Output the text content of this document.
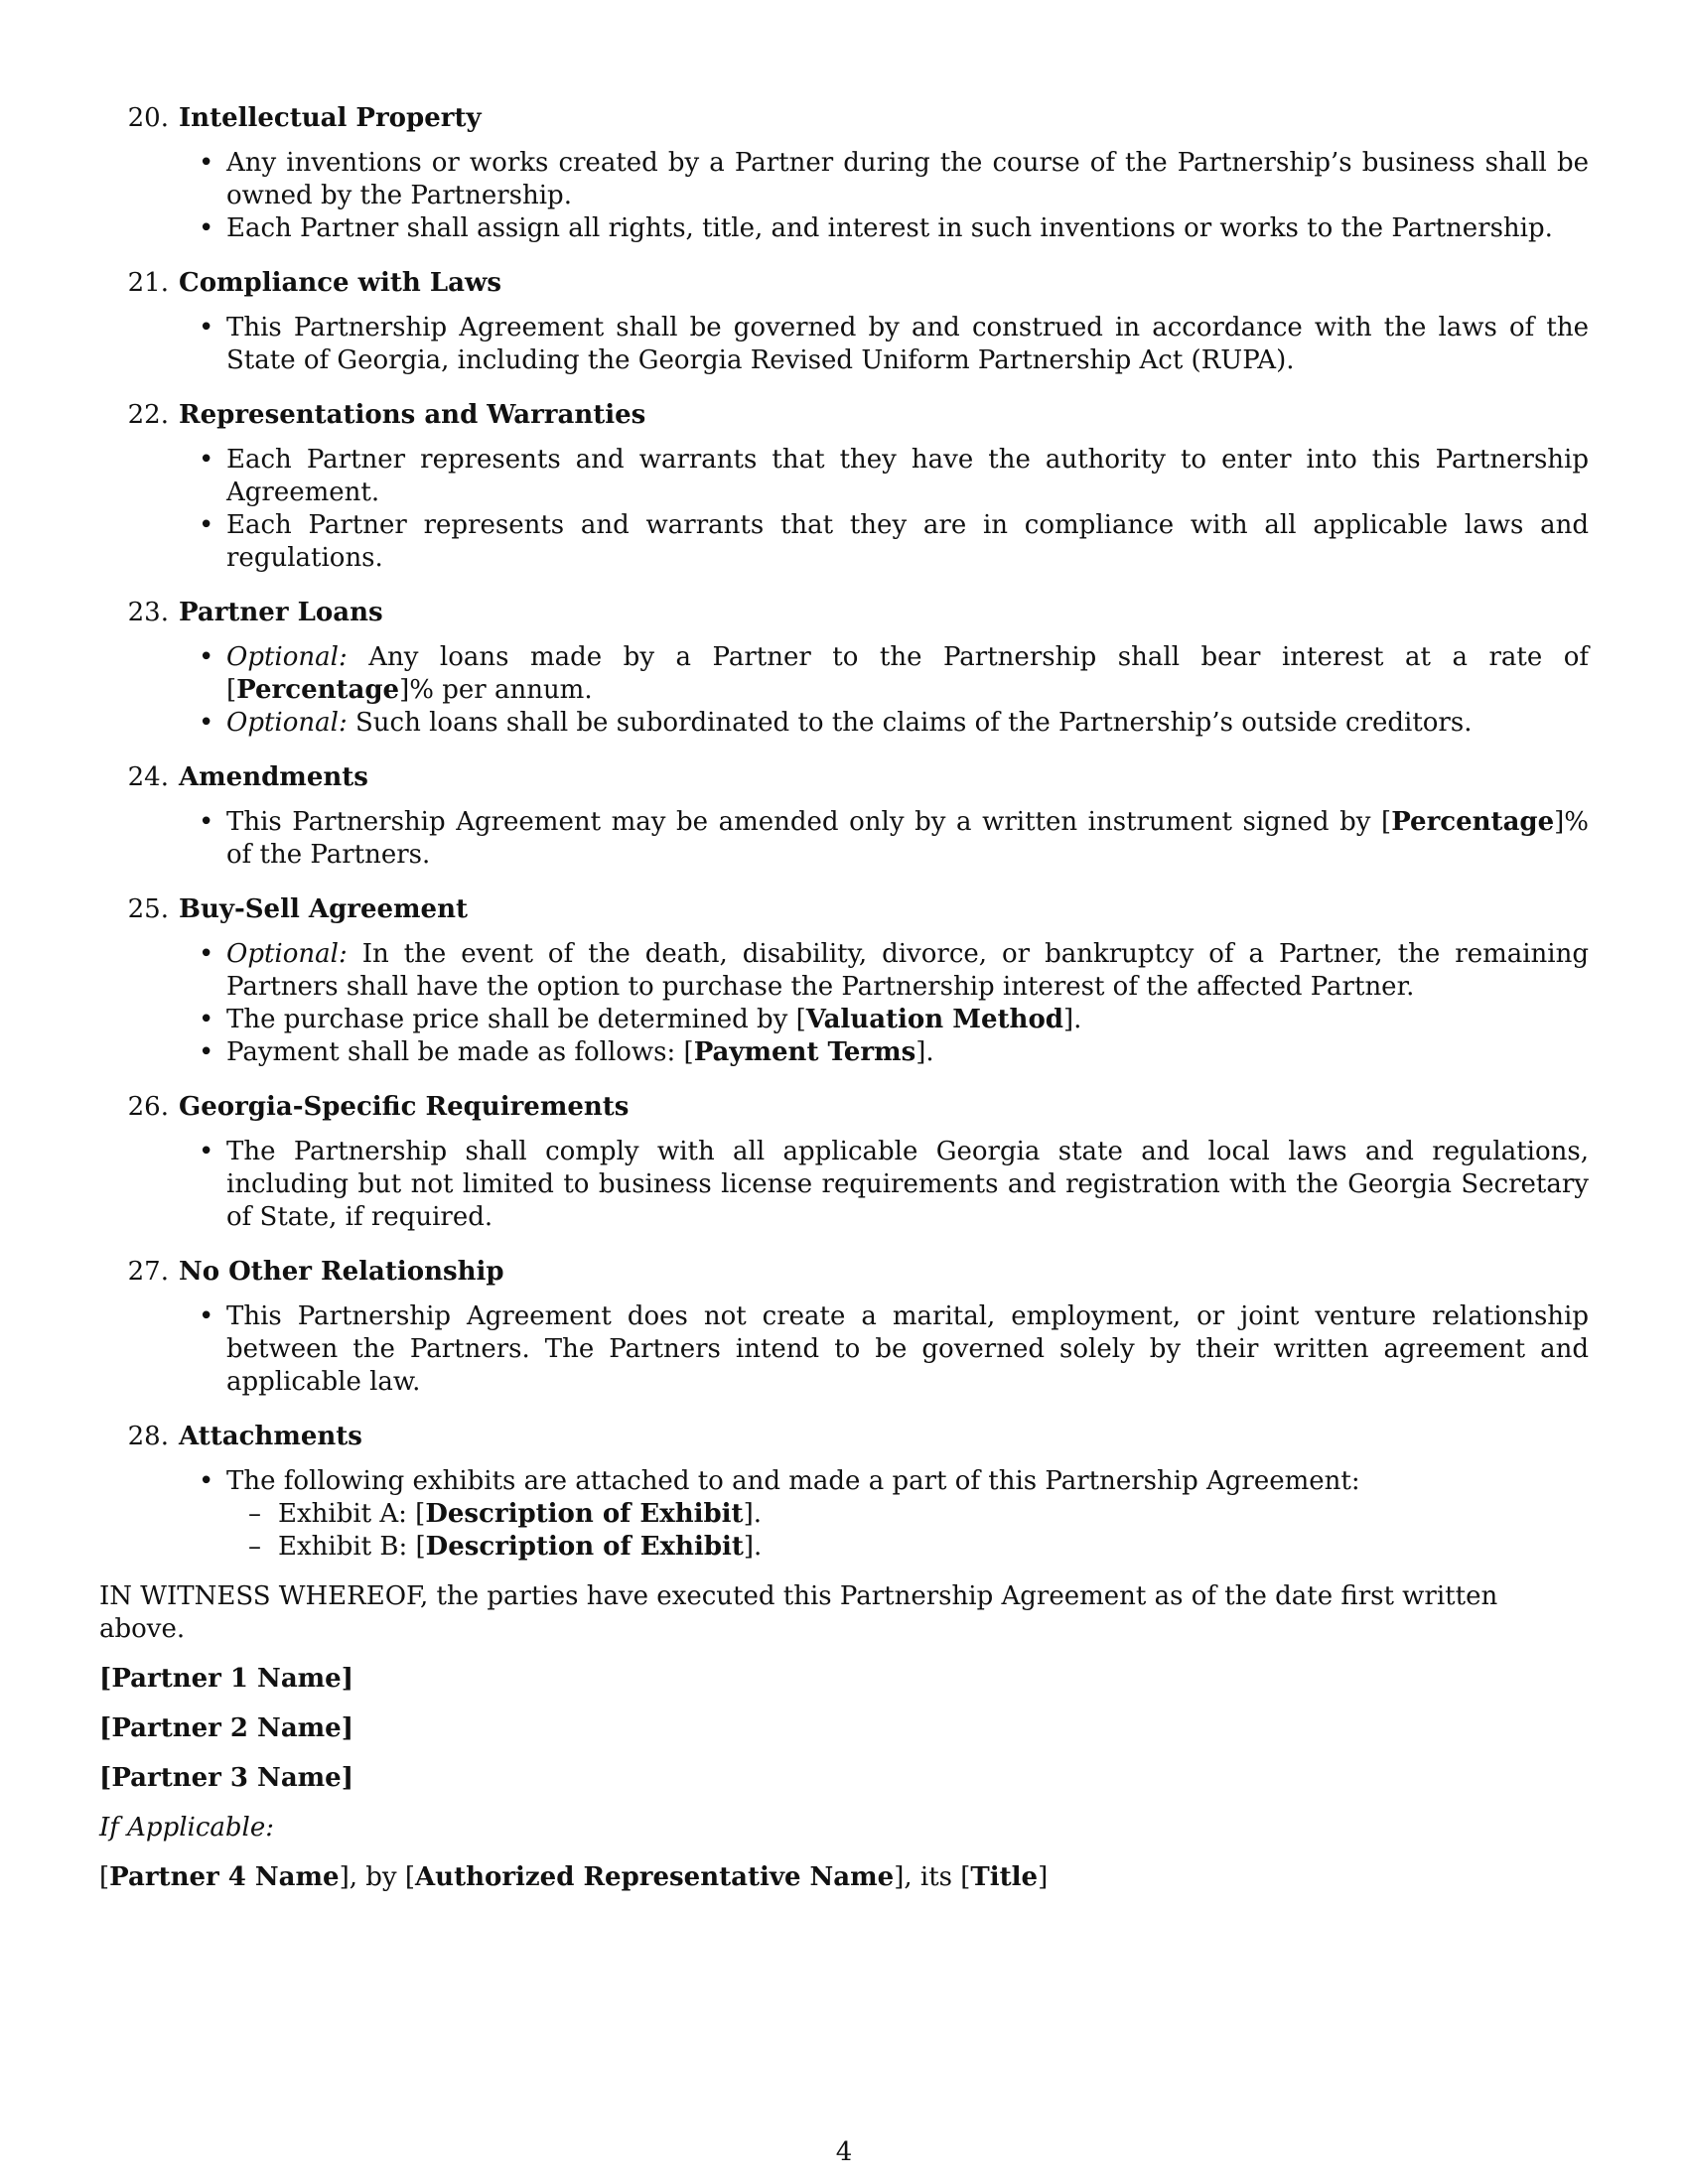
20. Intellectual Property
• Any inventions or works created by a Partner during the course of the Partnership’s business shall be owned by the Partnership.
• Each Partner shall assign all rights, title, and interest in such inventions or works to the Partnership.
21. Compliance with Laws
• This Partnership Agreement shall be governed by and construed in accordance with the laws of the State of Georgia, including the Georgia Revised Uniform Partnership Act (RUPA).
22. Representations and Warranties
• Each Partner represents and warrants that they have the authority to enter into this Partnership Agreement.
• Each Partner represents and warrants that they are in compliance with all applicable laws and regulations.
23. Partner Loans
• Optional: Any loans made by a Partner to the Partnership shall bear interest at a rate of [Percentage]% per annum.
• Optional: Such loans shall be subordinated to the claims of the Partnership’s outside creditors.
24. Amendments
• This Partnership Agreement may be amended only by a written instrument signed by [Percentage]% of the Partners.
25. Buy-Sell Agreement
• Optional: In the event of the death, disability, divorce, or bankruptcy of a Partner, the remaining Partners shall have the option to purchase the Partnership interest of the affected Partner.
• The purchase price shall be determined by [Valuation Method].
• Payment shall be made as follows: [Payment Terms].
26. Georgia-Specific Requirements
• The Partnership shall comply with all applicable Georgia state and local laws and regulations, including but not limited to business license requirements and registration with the Georgia Secretary of State, if required.
27. No Other Relationship
• This Partnership Agreement does not create a marital, employment, or joint venture relationship between the Partners. The Partners intend to be governed solely by their written agreement and applicable law.
28. Attachments
• The following exhibits are attached to and made a part of this Partnership Agreement:
– Exhibit A: [Description of Exhibit].
– Exhibit B: [Description of Exhibit].
IN WITNESS WHEREOF, the parties have executed this Partnership Agreement as of the date first written above.
[Partner 1 Name]
[Partner 2 Name]
[Partner 3 Name]
If Applicable:
[Partner 4 Name], by [Authorized Representative Name], its [Title]
4
